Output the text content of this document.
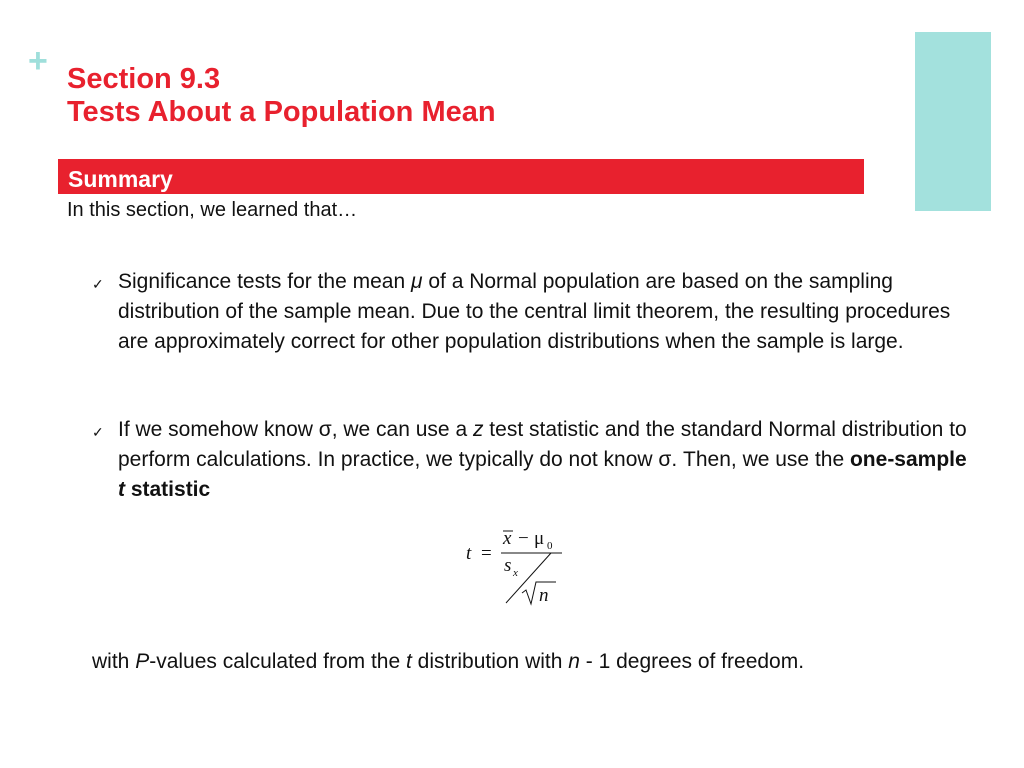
+ Section 9.3
Tests About a Population Mean
Summary
In this section, we learned that…
✓ Significance tests for the mean μ of a Normal population are based on the sampling distribution of the sample mean. Due to the central limit theorem, the resulting procedures are approximately correct for other population distributions when the sample is large.
✓ If we somehow know σ, we can use a z test statistic and the standard Normal distribution to perform calculations. In practice, we typically do not know σ. Then, we use the one-sample t statistic
t =
x − μ 0
s x
n
with P-values calculated from the t distribution with n - 1 degrees of freedom.
